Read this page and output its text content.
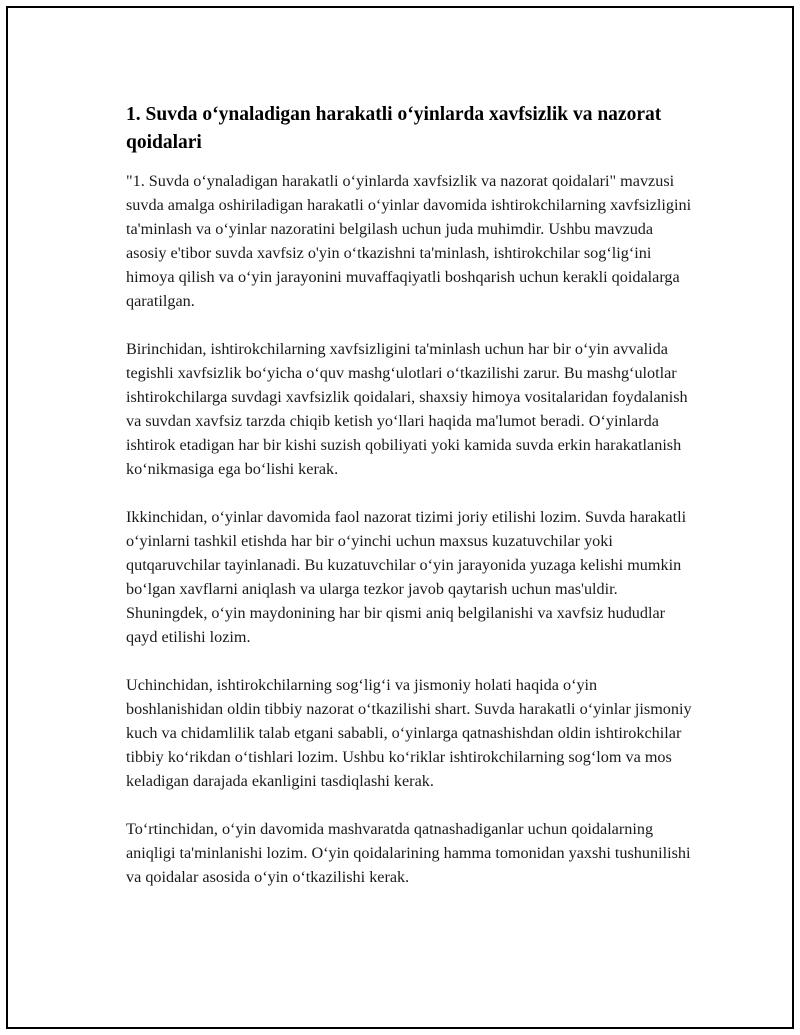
1. Suvda oʻynaladigan harakatli oʻyinlarda xavfsizlik va nazorat qoidalari

"1. Suvda oʻynaladigan harakatli oʻyinlarda xavfsizlik va nazorat qoidalari" mavzusi suvda amalga oshiriladigan harakatli oʻyinlar davomida ishtirokchilarning xavfsizligini ta'minlash va oʻyinlar nazoratini belgilash uchun juda muhimdir. Ushbu mavzuda asosiy e'tibor suvda xavfsiz o'yin oʻtkazishni ta'minlash, ishtirokchilar sogʻligʻini himoya qilish va oʻyin jarayonini muvaffaqiyatli boshqarish uchun kerakli qoidalarga qaratilgan.

Birinchidan, ishtirokchilarning xavfsizligini ta'minlash uchun har bir oʻyin avvalida tegishli xavfsizlik boʻyicha oʻquv mashgʻulotlari oʻtkazilishi zarur. Bu mashgʻulotlar ishtirokchilarga suvdagi xavfsizlik qoidalari, shaxsiy himoya vositalaridan foydalanish va suvdan xavfsiz tarzda chiqib ketish yoʻllari haqida ma'lumot beradi. Oʻyinlarda ishtirok etadigan har bir kishi suzish qobiliyati yoki kamida suvda erkin harakatlanish koʻnikmasiga ega boʻlishi kerak.

Ikkinchidan, oʻyinlar davomida faol nazorat tizimi joriy etilishi lozim. Suvda harakatli oʻyinlarni tashkil etishda har bir oʻyinchi uchun maxsus kuzatuvchilar yoki qutqaruvchilar tayinlanadi. Bu kuzatuvchilar oʻyin jarayonida yuzaga kelishi mumkin boʻlgan xavflarni aniqlash va ularga tezkor javob qaytarish uchun mas'uldir. Shuningdek, oʻyin maydonining har bir qismi aniq belgilanishi va xavfsiz hududlar qayd etilishi lozim.

Uchinchidan, ishtirokchilarning sogʻligʻi va jismoniy holati haqida oʻyin boshlanishidan oldin tibbiy nazorat oʻtkazilishi shart. Suvda harakatli oʻyinlar jismoniy kuch va chidamlilik talab etgani sababli, oʻyinlarga qatnashishdan oldin ishtirokchilar tibbiy koʻrikdan oʻtishlari lozim. Ushbu koʻriklar ishtirokchilarning sogʻlom va mos keladigan darajada ekanligini tasdiqlashi kerak.

Toʻrtinchidan, oʻyin davomida mashvaratda qatnashadiganlar uchun qoidalarning aniqligi ta'minlanishi lozim. Oʻyin qoidalarining hamma tomonidan yaxshi tushunilishi va qoidalar asosida oʻyin oʻtkazilishi kerak.
